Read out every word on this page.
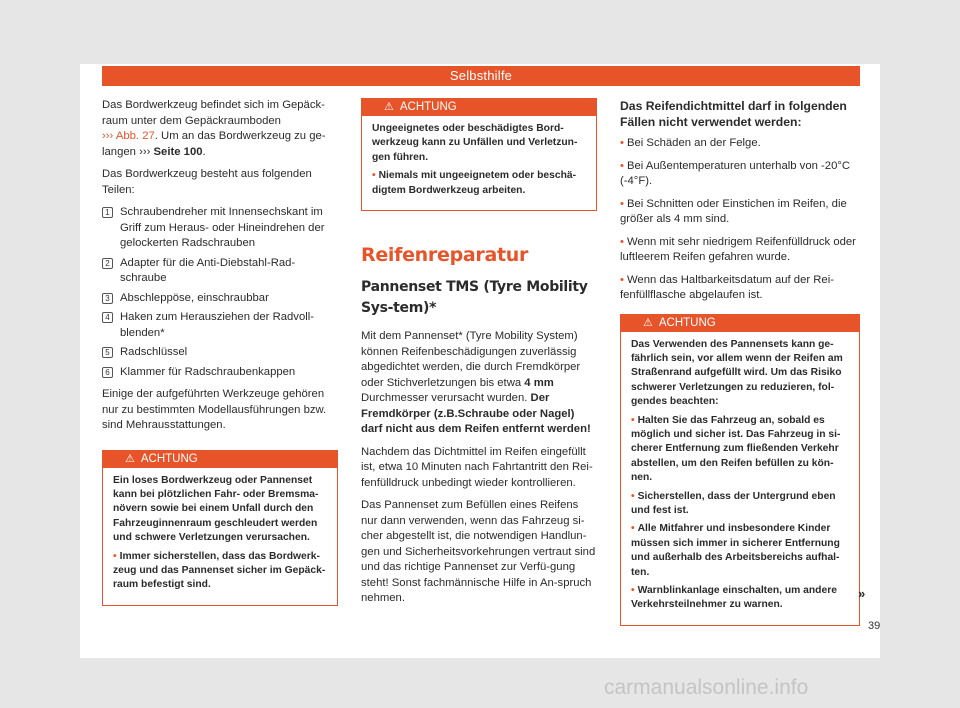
Selbsthilfe

Das Bordwerkzeug befindet sich im Gepäck-raum unter dem Gepäckraumboden
››› Abb. 27. Um an das Bordwerkzeug zu ge-langen ››› Seite 100.

Das Bordwerkzeug besteht aus folgenden Teilen:

1 Schraubendreher mit Innensechskant im Griff zum Heraus- oder Hineindrehen der gelockerten Radschrauben
2 Adapter für die Anti-Diebstahl-Rad-schraube
3 Abschleppöse, einschraubbar
4 Haken zum Herausziehen der Radvoll-blenden*
5 Radschlüssel
6 Klammer für Radschraubenkappen

Einige der aufgeführten Werkzeuge gehören nur zu bestimmten Modellausführungen bzw. sind Mehrausstattungen.

⚠ ACHTUNG

Ein loses Bordwerkzeug oder Pannenset kann bei plötzlichen Fahr- oder Bremsma-növern sowie bei einem Unfall durch den Fahrzeuginnenraum geschleudert werden und schwere Verletzungen verursachen.

• Immer sicherstellen, dass das Bordwerk-zeug und das Pannenset sicher im Gepäck-raum befestigt sind.

⚠ ACHTUNG

Ungeeignetes oder beschädigtes Bord-werkzeug kann zu Unfällen und Verletzun-gen führen.

• Niemals mit ungeeignetem oder beschä-digtem Bordwerkzeug arbeiten.

Reifenreparatur
Pannenset TMS (Tyre Mobility Sys-tem)*

Mit dem Pannenset* (Tyre Mobility System) können Reifenbeschädigungen zuverlässig abgedichtet werden, die durch Fremdkörper oder Stichverletzungen bis etwa 4 mm Durchmesser verursacht wurden. Der Fremdkörper (z.B.Schraube oder Nagel) darf nicht aus dem Reifen entfernt werden!

Nachdem das Dichtmittel im Reifen eingefüllt ist, etwa 10 Minuten nach Fahrtantritt den Rei-fenfülldruck unbedingt wieder kontrollieren.

Das Pannenset zum Befüllen eines Reifens nur dann verwenden, wenn das Fahrzeug si-cher abgestellt ist, die notwendigen Handlun-gen und Sicherheitsvorkehrungen vertraut sind und das richtige Pannenset zur Verfü-gung steht! Sonst fachmännische Hilfe in An-spruch nehmen.

Das Reifendichtmittel darf in folgenden Fällen nicht verwendet werden:

• Bei Schäden an der Felge.

• Bei Außentemperaturen unterhalb von -20°C (-4°F).

• Bei Schnitten oder Einstichen im Reifen, die größer als 4 mm sind.

• Wenn mit sehr niedrigem Reifenfülldruck oder luftleerem Reifen gefahren wurde.

• Wenn das Haltbarkeitsdatum auf der Rei-fenfüllflasche abgelaufen ist.

⚠ ACHTUNG

Das Verwenden des Pannensets kann ge-fährlich sein, vor allem wenn der Reifen am Straßenrand aufgefüllt wird. Um das Risiko schwerer Verletzungen zu reduzieren, fol-gendes beachten:

• Halten Sie das Fahrzeug an, sobald es möglich und sicher ist. Das Fahrzeug in si-cherer Entfernung zum fließenden Verkehr abstellen, um den Reifen befüllen zu kön-nen.

• Sicherstellen, dass der Untergrund eben und fest ist.

• Alle Mitfahrer und insbesondere Kinder müssen sich immer in sicherer Entfernung und außerhalb des Arbeitsbereichs aufhal-ten.

• Warnblinkanlage einschalten, um andere Verkehrsteilnehmer zu warnen.

»
39
carmanualsonline.info
